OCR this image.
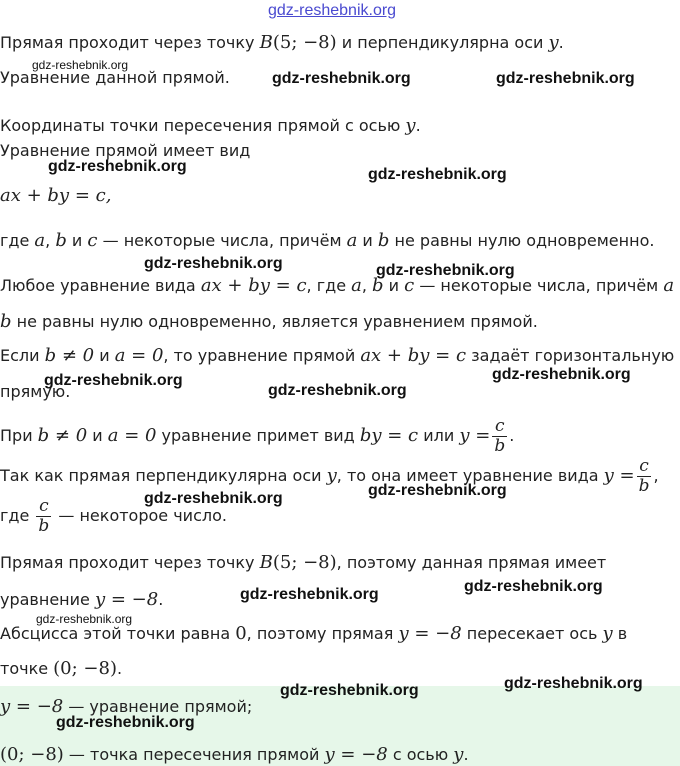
gdz-reshebnik.org
gdz-reshebnik.org
gdz-reshebnik.org	gdz-reshebnik.org
gdz-reshebnik.org	gdz-reshebnik.org
gdz-reshebnik.org	gdz-reshebnik.org
gdz-reshebnik.org	gdz-reshebnik.org
gdz-reshebnik.org
gdz-reshebnik.org	gdz-reshebnik.org
gdz-reshebnik.org
gdz-reshebnik.org
gdz-reshebnik.org
gdz-reshebnik.org	gdz-reshebnik.org
gdz-reshebnik.org
Прямая проходит через точку B(5; −8) и перпендикулярна оси y.
Уравнение данной прямой.
Координаты точки пересечения прямой с осью y.
Уравнение прямой имеет вид
ax + by = c,
где a, b и c — некоторые числа, причём a и b не равны нулю одновременно.
Любое уравнение вида ax + by = c, где a, b и c — некоторые числа, причём a
b не равны нулю одновременно, является уравнением прямой.
Если b ≠ 0 и a = 0, то уравнение прямой ax + by = c задаёт горизонтальную
прямую.
При b ≠ 0 и a = 0 уравнение примет вид by = c или $y = \frac{c}{b}$ .
Так как прямая перпендикулярна оси y, то она имеет уравнение вида $y = \frac{c}{b}$ ,
где $\frac{c}{b}$ — некоторое число.
Прямая проходит через точку B(5; −8), поэтому данная прямая имеет
уравнение y = −8.
Абсцисса этой точки равна 0, поэтому прямая y = −8 пересекает ось y в
точке (0; −8).
y = −8 — уравнение прямой;
(0; −8) — точка пересечения прямой y = −8 с осью y.
